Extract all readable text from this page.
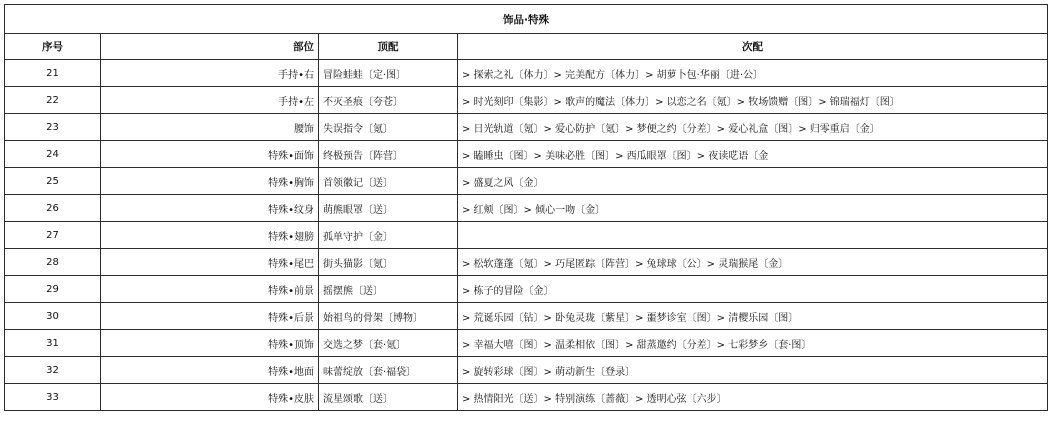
饰品·特殊			
序号	部位	顶配	次配
21	手持•右	冒险蛙蛙〔定·图〕	> 探索之礼〔体力〕> 完美配方〔体力〕> 胡萝卜包·华丽〔进·公〕
22	手持•左	不灭圣痕〔夸苍〕	> 时光刻印〔集影〕> 歌声的魔法〔体力〕> 以恋之名〔氪〕> 牧场馈赠〔图〕> 锦瑞福灯〔图〕
23	腰饰	失误指令〔氪〕	> 日光轨道〔氪〕> 爱心防护〔氪〕> 梦便之约〔分差〕> 爱心礼盒〔图〕> 归零重启〔金〕
24	特殊•面饰	终极预告〔阵营〕	> 瞌睡虫〔图〕> 美味必胜〔图〕> 西瓜眼罩〔图〕> 夜读呓语〔金
25	特殊•胸饰	首领徽记〔送〕	> 盛夏之风〔金〕
26	特殊•纹身	萌熊眼罩〔送〕	> 红颊〔图〕> 倾心一吻〔金〕
27	特殊•翅膀	孤单守护〔金〕	
28	特殊•尾巴	街头猫影〔氪〕	> 松软蓬蓬〔氪〕> 巧尾匿踪〔阵营〕> 兔球球〔公〕> 灵瑞猴尾〔金〕
29	特殊•前景	摇摆熊〔送〕	> 栋子的冒险〔金〕
30	特殊•后景	始祖鸟的骨架〔博物〕	> 荒诞乐园〔钻〕> 卧兔灵珑〔紫星〕> 噩梦诊室〔图〕> 清樱乐园〔图〕
31	特殊•顶饰	交选之梦〔套·氪〕	> 幸福大嘻〔图〕> 温柔相依〔图〕> 甜蒸邀约〔分差〕> 七彩梦乡〔套·图〕
32	特殊•地面	味蕾绽放〔套·福袋〕	> 旋转彩球〔图〕> 萌动新生〔登录〕
33	特殊•皮肤	流星颂歌〔送〕	> 热情阳光〔送〕> 特别演练〔蔷薇〕> 透明心弦〔六步〕
